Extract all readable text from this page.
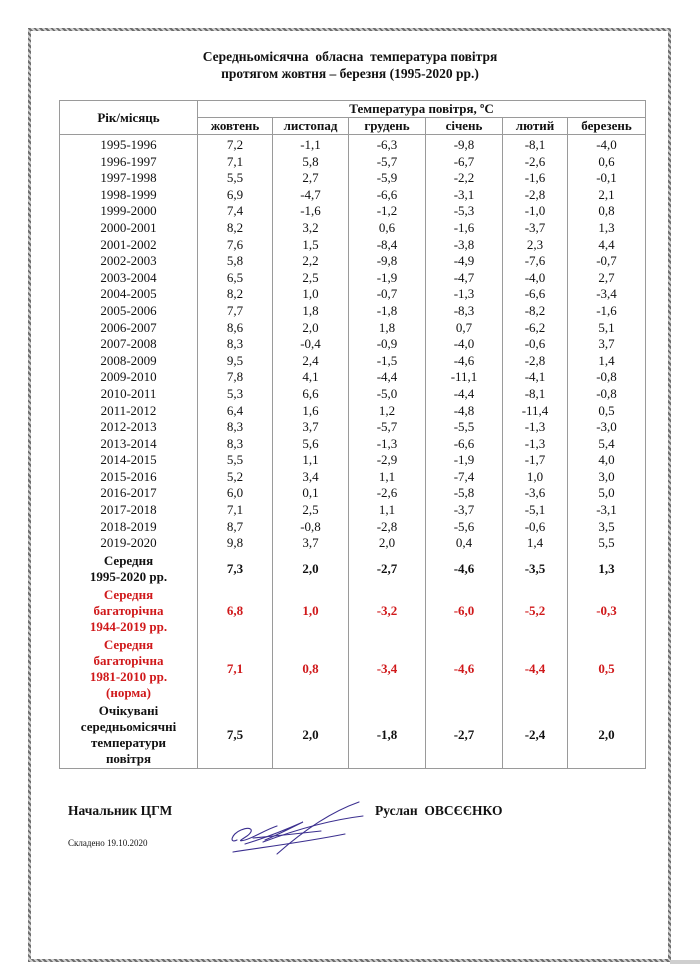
Середньомісячна  обласна  температура повітря
протягом жовтня – березня (1995-2020 рр.)
Рік/місяць	Температура повітря, ºС					
	жовтень	листопад	грудень	січень	лютий	березень
1995-1996	7,2	-1,1	-6,3	-9,8	-8,1	-4,0
1996-1997	7,1	5,8	-5,7	-6,7	-2,6	0,6
1997-1998	5,5	2,7	-5,9	-2,2	-1,6	-0,1
1998-1999	6,9	-4,7	-6,6	-3,1	-2,8	2,1
1999-2000	7,4	-1,6	-1,2	-5,3	-1,0	0,8
2000-2001	8,2	3,2	0,6	-1,6	-3,7	1,3
2001-2002	7,6	1,5	-8,4	-3,8	2,3	4,4
2002-2003	5,8	2,2	-9,8	-4,9	-7,6	-0,7
2003-2004	6,5	2,5	-1,9	-4,7	-4,0	2,7
2004-2005	8,2	1,0	-0,7	-1,3	-6,6	-3,4
2005-2006	7,7	1,8	-1,8	-8,3	-8,2	-1,6
2006-2007	8,6	2,0	1,8	0,7	-6,2	5,1
2007-2008	8,3	-0,4	-0,9	-4,0	-0,6	3,7
2008-2009	9,5	2,4	-1,5	-4,6	-2,8	1,4
2009-2010	7,8	4,1	-4,4	-11,1	-4,1	-0,8
2010-2011	5,3	6,6	-5,0	-4,4	-8,1	-0,8
2011-2012	6,4	1,6	1,2	-4,8	-11,4	0,5
2012-2013	8,3	3,7	-5,7	-5,5	-1,3	-3,0
2013-2014	8,3	5,6	-1,3	-6,6	-1,3	5,4
2014-2015	5,5	1,1	-2,9	-1,9	-1,7	4,0
2015-2016	5,2	3,4	1,1	-7,4	1,0	3,0
2016-2017	6,0	0,1	-2,6	-5,8	-3,6	5,0
2017-2018	7,1	2,5	1,1	-3,7	-5,1	-3,1
2018-2019	8,7	-0,8	-2,8	-5,6	-0,6	3,5
2019-2020	9,8	3,7	2,0	0,4	1,4	5,5

Середня
1995-2020 рр.	7,3	2,0	-2,7	-4,6	-3,5	1,3

Середня
багаторічна
1944-2019 рр.	6,8	1,0	-3,2	-6,0	-5,2	-0,3

Середня
багаторічна
1981-2010 рр.
(норма)	7,1	0,8	-3,4	-4,6	-4,4	0,5

Очікувані
середньомісячні
температури
повітря	7,5	2,0	-1,8	-2,7	-2,4	2,0
Начальник ЦГМ	Руслан  ОВСЄЄНКО
Складено 19.10.2020
